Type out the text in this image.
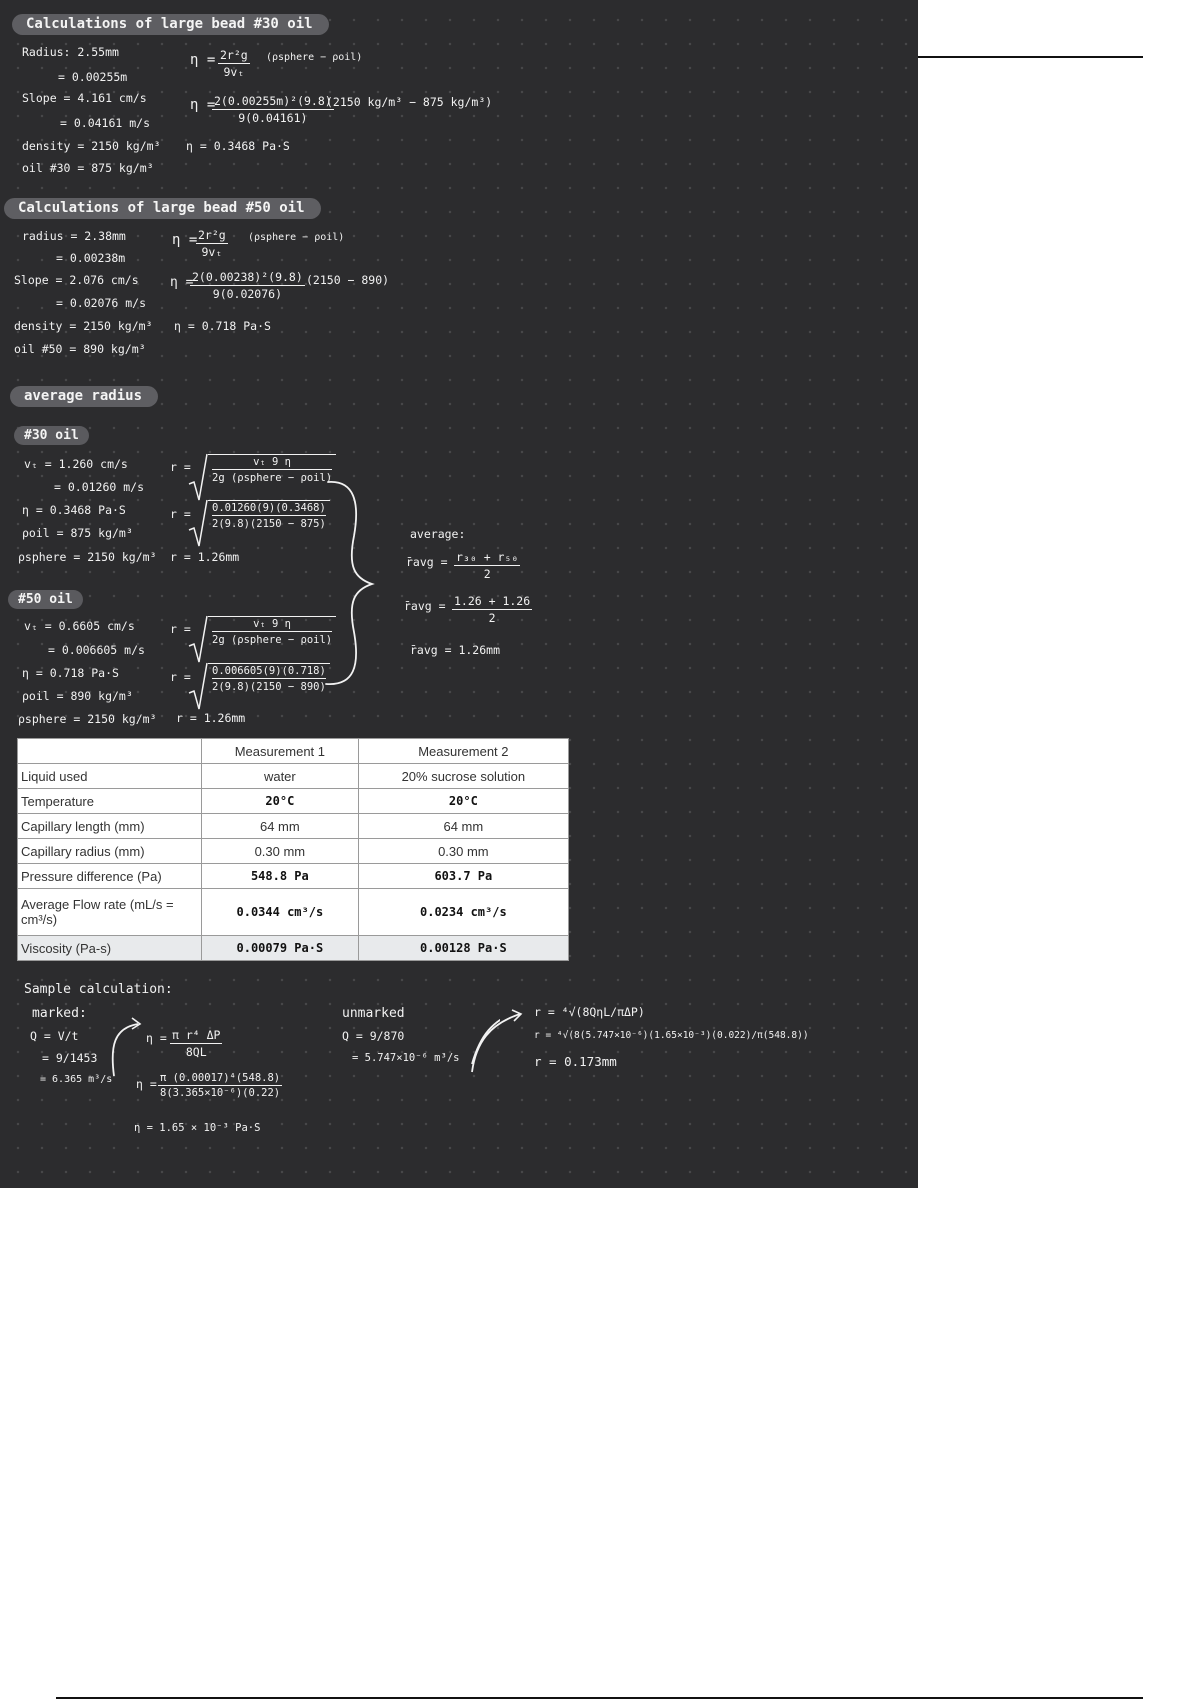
Calculations of large bead #30 oil
Radius: 2.55mm
= 0.00255m
Slope = 4.161 cm/s
= 0.04161 m/s
density = 2150 kg/m³
oil #30 = 875 kg/m³
$\eta = \frac{\text{2r²g}}{\text{9vₜ}}$ (ρsphere − ρoil)
η =
$\frac{\text{2(0.00255m)²(9.8)}}{9(0.04161)}$
(2150 kg/m³ − 875 kg/m³)
η = 0.3468 Pa·S
Calculations of large bead #50 oil
radius = 2.38mm
= 0.00238m
Slope = 2.076 cm/s
= 0.02076 m/s
density = 2150 kg/m³
oil #50 = 890 kg/m³
η =
$\frac{\text{2r²g}}{\text{9vₜ}}$ (ρsphere − ρoil)
η =
$\frac{\text{2(0.00238)²(9.8)}}{9(0.02076)} (2150 - 890)$
η = 0.718 Pa·S
average radius
#30 oil
vₜ = 1.260 cm/s
= 0.01260 m/s
η = 0.3468 Pa·S
ρoil = 875 kg/m³
ρsphere = 2150 kg/m³
r =	vₜ 9 η
2g (ρsphere − ρoil)
$r = \frac{0.01260(9)(0.3468)}{2(9.8)(2150 - 875)}$
r = 1.26mm
#50 oil
vₜ = 0.6605 cm/s
= 0.006605 m/s
η = 0.718 Pa·S
ρoil = 890 kg/m³
ρsphere = 2150 kg/m³
r =	vₜ 9 η
2g (ρsphere − ρoil)
$r = \frac{0.006605(9)(0.718)}{2(9.8)(2150 - 890)}$
r = 1.26mm
average:
r̄avg = $\frac{\text{r₃₀ + r₅₀}}{2}$
r̄avg = $\frac{1.26 + 1.26}{2}$
r̄avg = 1.26mm
	Measurement 1	Measurement 2
Liquid used	water	20% sucrose solution
Temperature	20°C	20°C
Capillary length (mm)	64 mm	64 mm
Capillary radius (mm)	0.30 mm	0.30 mm
Pressure difference (Pa)	548.8 Pa	603.7 Pa
Average Flow rate (mL/s = cm³/s)	0.0344 cm³/s	0.0234 cm³/s
Viscosity (Pa-s)	0.00079 Pa·S	0.00128 Pa·S
Sample calculation:
marked:
Q = V/t
= 9/1453
= 6.365 m³/s
$\eta = \frac{\text{π r⁴ ΔP}}{8QL}$
$\eta = \frac{\text{π (0.00017)⁴(548.8)}}{\text{8(3.365×10⁻⁶)(0.22)}}$
η = 1.65 × 10⁻³ Pa·S
unmarked
Q = 9/870
= 5.747×10⁻⁶ m³/s
r = ⁴√(8QηL/πΔP)
r = ⁴√(8(5.747×10⁻⁶)(1.65×10⁻³)(0.022)/π(548.8))
r = 0.173mm
